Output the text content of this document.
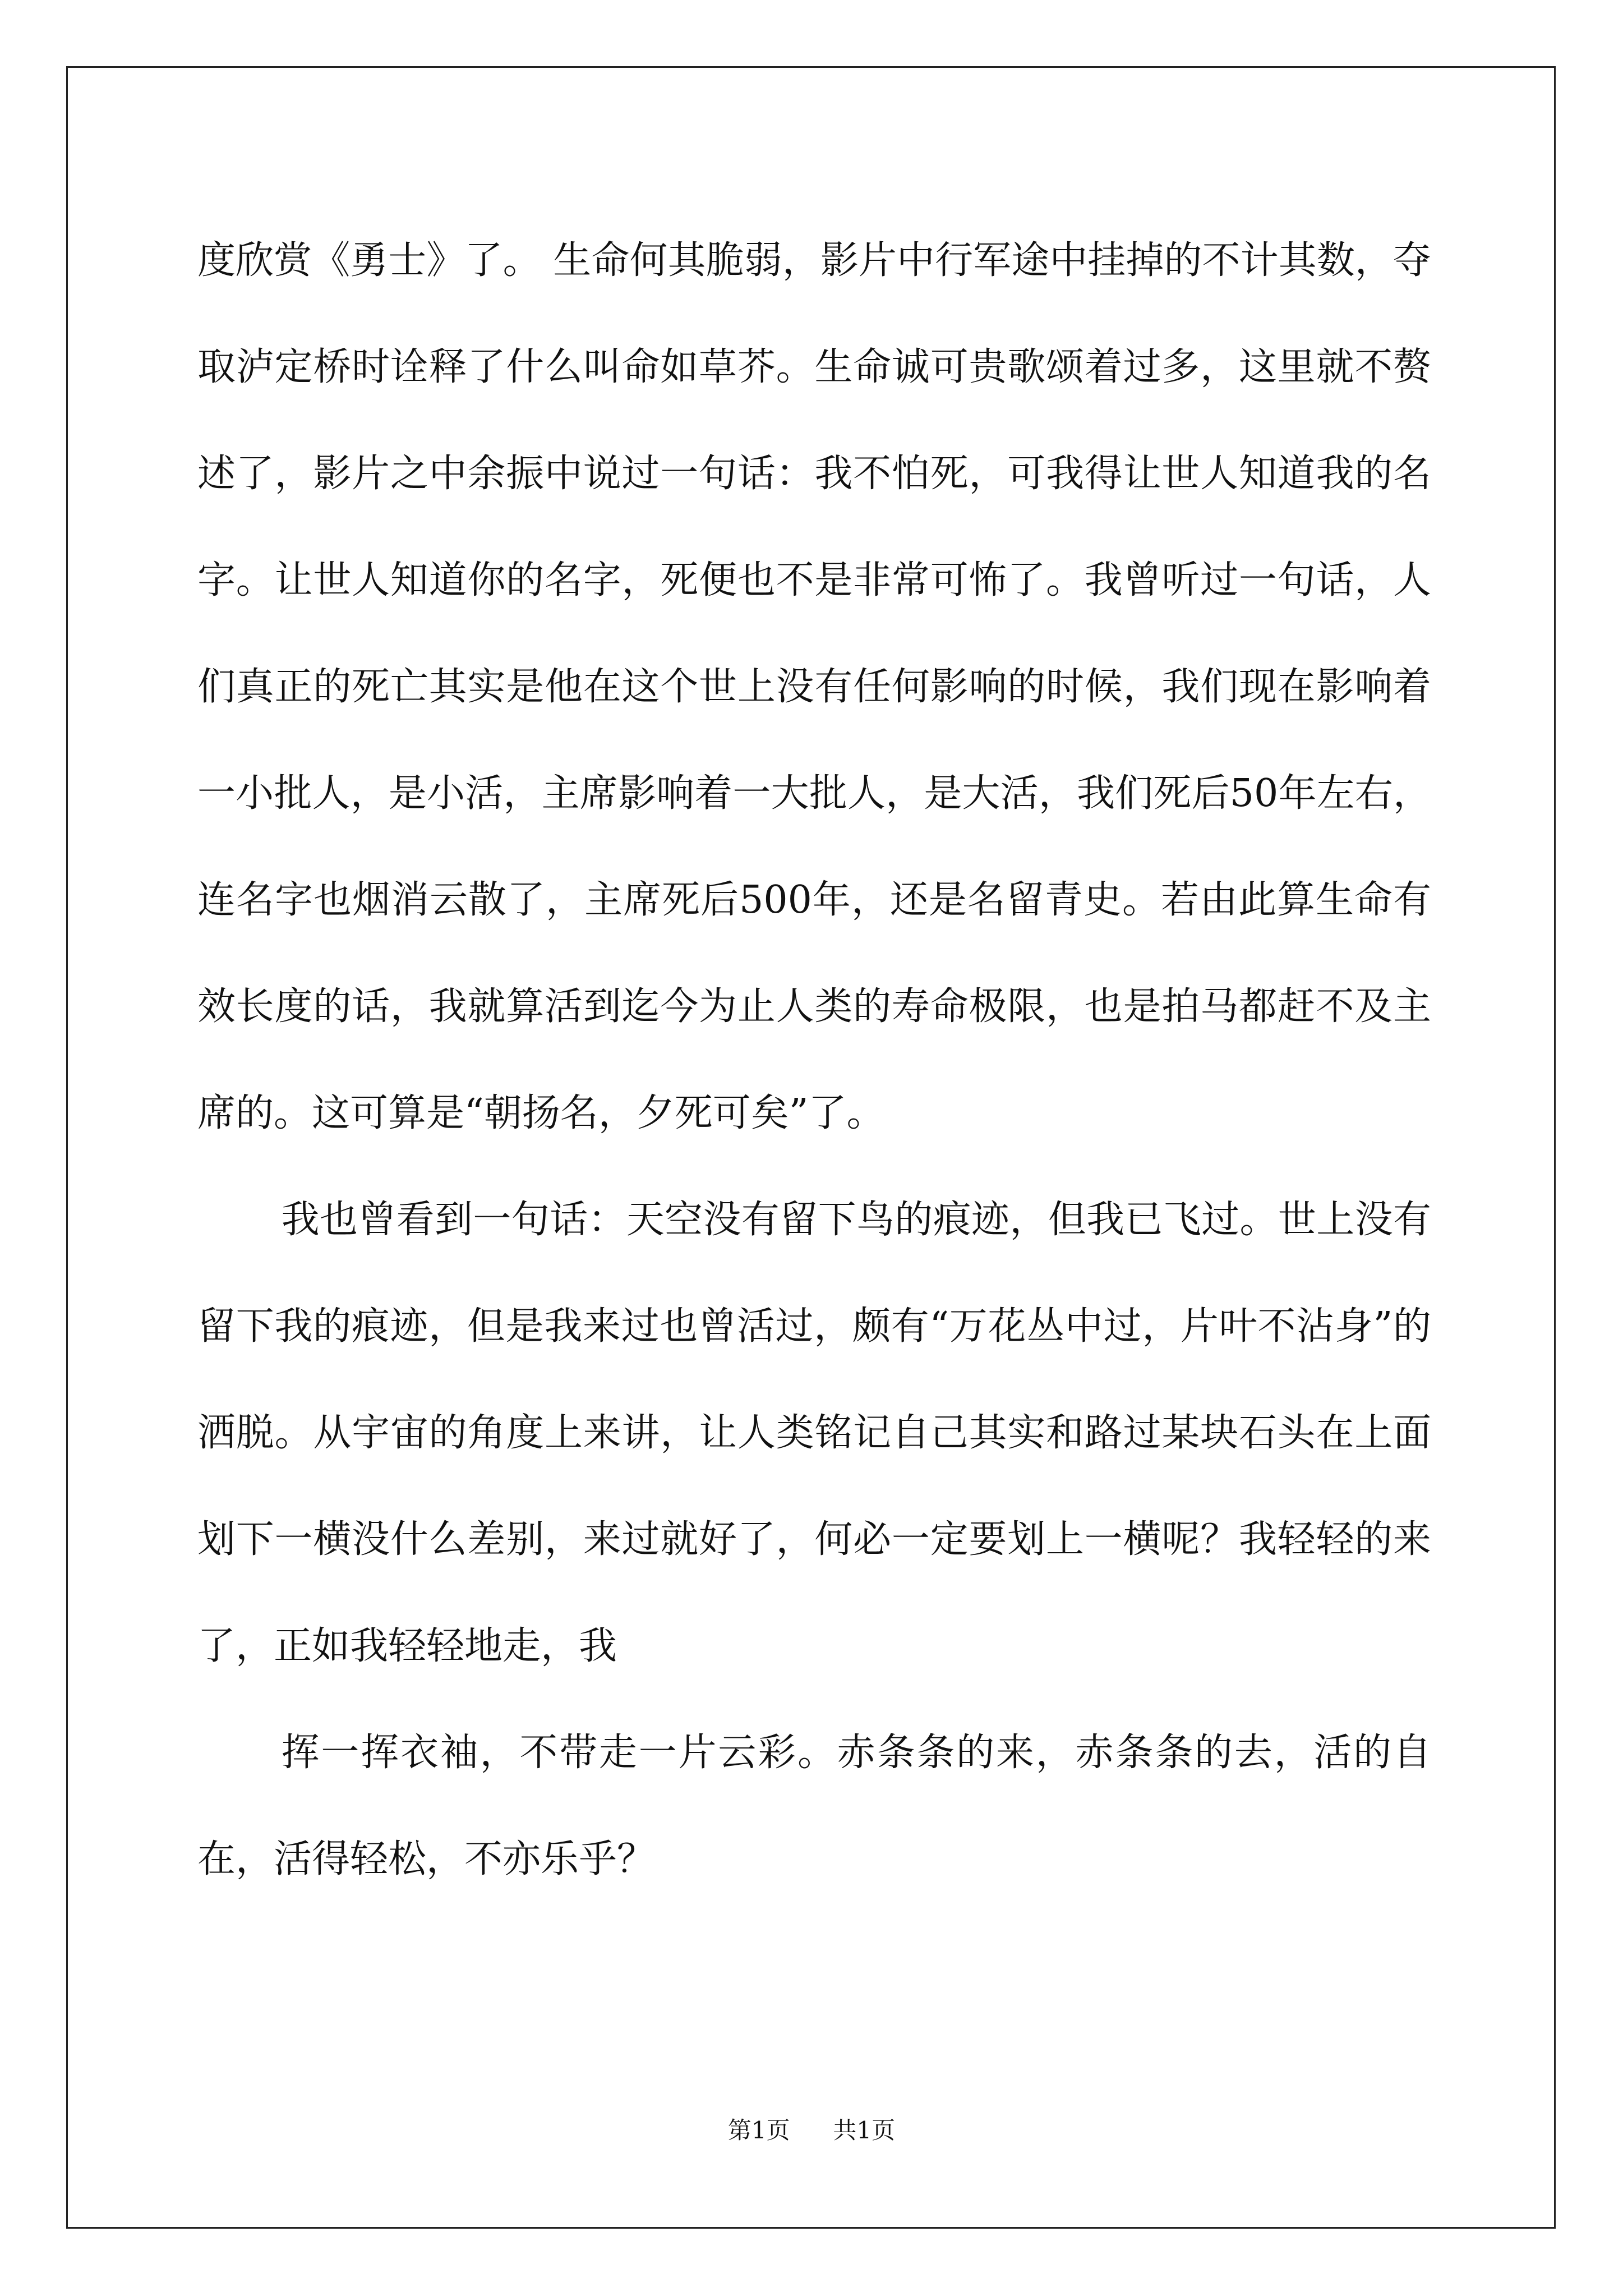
度欣赏《勇士》了。 生命何其脆弱，影片中行军途中挂掉的不计其数，夺取泸定桥时诠释了什么叫命如草芥。生命诚可贵歌颂着过多，这里就不赘述了，影片之中余振中说过一句话：我不怕死，可我得让世人知道我的名字。让世人知道你的名字，死便也不是非常可怖了。我曾听过一句话，人们真正的死亡其实是他在这个世上没有任何影响的时候，我们现在影响着一小批人，是小活，主席影响着一大批人，是大活，我们死后50年左右，连名字也烟消云散了，主席死后500年，还是名留青史。若由此算生命有效长度的话，我就算活到迄今为止人类的寿命极限，也是拍马都赶不及主席的。这可算是“朝扬名，夕死可矣”了。

我也曾看到一句话：天空没有留下鸟的痕迹，但我已飞过。世上没有留下我的痕迹，但是我来过也曾活过，颇有“万花丛中过，片叶不沾身”的洒脱。从宇宙的角度上来讲，让人类铭记自己其实和路过某块石头在上面划下一横没什么差别，来过就好了，何必一定要划上一横呢？我轻轻的来了，正如我轻轻地走，我

挥一挥衣袖，不带走一片云彩。赤条条的来，赤条条的去，活的自在，活得轻松，不亦乐乎？

第1页 共1页
